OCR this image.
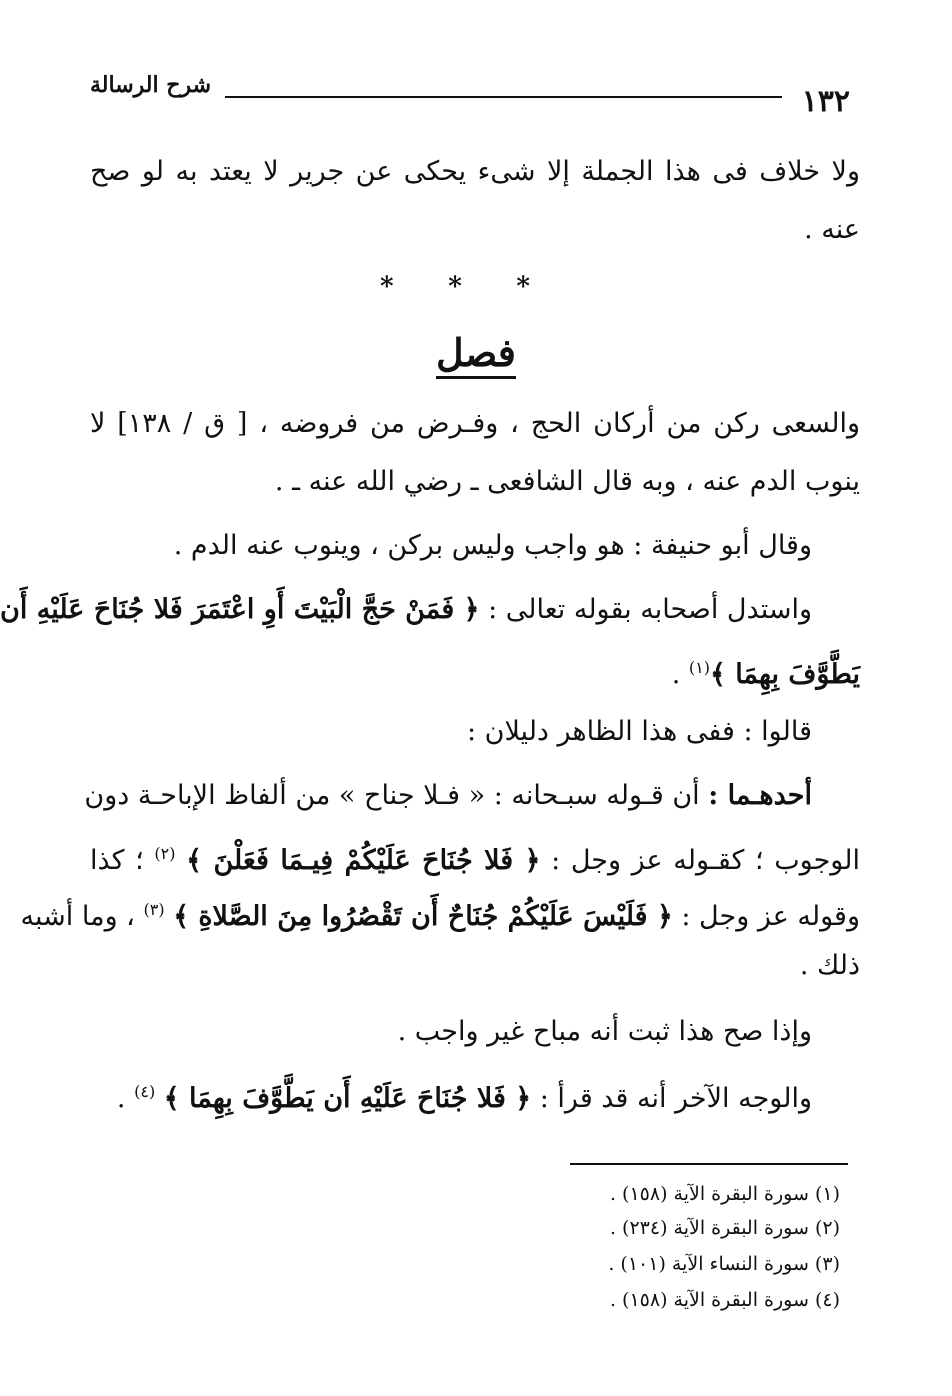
١٣٢
شرح الرسالة
ولا خلاف فى هذا الجملة إلا شىء يحكى عن جرير لا يعتد به لو صح
عنه .
* * *
فصل
والسعى ركن من أركان الحج ، وفـرض من فروضه ، [ ق / ١٣٨] لا
ينوب الدم عنه ، وبه قال الشافعى ـ رضي الله عنه ـ .
وقال أبو حنيفة : هو واجب وليس بركن ، وينوب عنه الدم .
واستدل أصحابه بقوله تعالى : ﴿ فَمَنْ حَجَّ الْبَيْتَ أَوِ اعْتَمَرَ فَلا جُنَاحَ عَلَيْهِ أَن
يَطَّوَّفَ بِهِمَا ﴾$^{(١)}$ .
قالوا : ففى هذا الظاهر دليلان :
أحدهـما : أن قـوله سبـحانه : « فـلا جناح » من ألفاظ الإباحـة دون
الوجوب ؛ كقـوله عز وجل : ﴿ فَلا جُنَاحَ عَلَيْكُمْ فِيـمَا فَعَلْنَ ﴾ $^{(٢)}$ ؛ كذا
وقوله عز وجل : ﴿ فَلَيْسَ عَلَيْكُمْ جُنَاحٌ أَن تَقْصُرُوا مِنَ الصَّلاةِ ﴾ $^{(٣)}$ ، وما أشبه
ذلك .
وإذا صح هذا ثبت أنه مباح غير واجب .
والوجه الآخر أنه قد قرأ : ﴿ فَلا جُنَاحَ عَلَيْهِ أَن يَطَّوَّفَ بِهِمَا ﴾ $^{(٤)}$ .
(١) سورة البقرة الآية (١٥٨) .
(٢) سورة البقرة الآية (٢٣٤) .
(٣) سورة النساء الآية (١٠١) .
(٤) سورة البقرة الآية (١٥٨) .
